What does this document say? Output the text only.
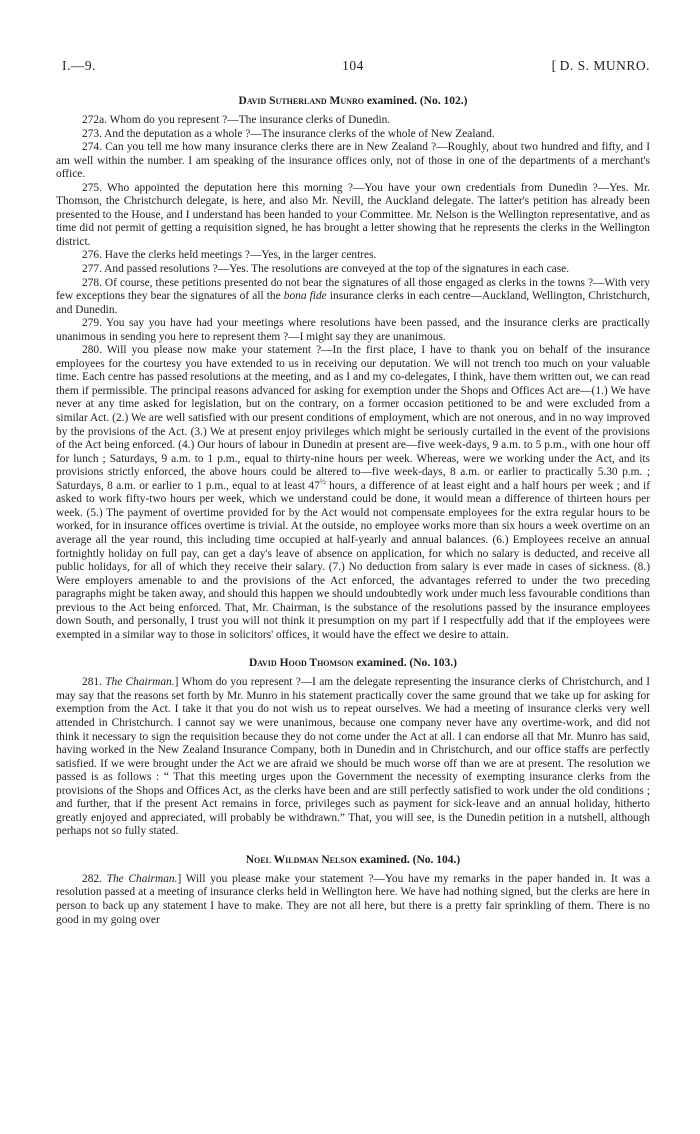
I.—9.	104	[ D. S. MUNRO.
David Sutherland Munro examined. (No. 102.)

272a. Whom do you represent ?—The insurance clerks of Dunedin.

273. And the deputation as a whole ?—The insurance clerks of the whole of New Zealand.

274. Can you tell me how many insurance clerks there are in New Zealand ?—Roughly, about two hundred and fifty, and I am well within the number. I am speaking of the insurance offices only, not of those in one of the departments of a merchant's office.

275. Who appointed the deputation here this morning ?—You have your own credentials from Dunedin ?—Yes. Mr. Thomson, the Christchurch delegate, is here, and also Mr. Nevill, the Auckland delegate. The latter's petition has already been presented to the House, and I understand has been handed to your Committee. Mr. Nelson is the Wellington representative, and as time did not permit of getting a requisition signed, he has brought a letter showing that he represents the clerks in the Wellington district.

276. Have the clerks held meetings ?—Yes, in the larger centres.

277. And passed resolutions ?—Yes. The resolutions are conveyed at the top of the signatures in each case.

278. Of course, these petitions presented do not bear the signatures of all those engaged as clerks in the towns ?—With very few exceptions they bear the signatures of all the bona fide insurance clerks in each centre—Auckland, Wellington, Christchurch, and Dunedin.

279. You say you have had your meetings where resolutions have been passed, and the insurance clerks are practically unanimous in sending you here to represent them ?—I might say they are unanimous.

280. Will you please now make your statement ?—In the first place, I have to thank you on behalf of the insurance employees for the courtesy you have extended to us in receiving our deputation. We will not trench too much on your valuable time. Each centre has passed resolutions at the meeting, and as I and my co-delegates, I think, have them written out, we can read them if permissible. The principal reasons advanced for asking for exemption under the Shops and Offices Act are—(1.) We have never at any time asked for legislation, but on the contrary, on a former occasion petitioned to be and were excluded from a similar Act. (2.) We are well satisfied with our present conditions of employment, which are not onerous, and in no way improved by the provisions of the Act. (3.) We at present enjoy privileges which might be seriously curtailed in the event of the provisions of the Act being enforced. (4.) Our hours of labour in Dunedin at present are—five week-days, 9 a.m. to 5 p.m., with one hour off for lunch ; Saturdays, 9 a.m. to 1 p.m., equal to thirty-nine hours per week. Whereas, were we working under the Act, and its provisions strictly enforced, the above hours could be altered to—five week-days, 8 a.m. or earlier to practically 5.30 p.m. ; Saturdays, 8 a.m. or earlier to 1 p.m., equal to at least $47^{\frac{1}{2}}$ hours, a difference of at least eight and a half hours per week ; and if asked to work fifty-two hours per week, which we understand could be done, it would mean a difference of thirteen hours per week. (5.) The payment of overtime provided for by the Act would not compensate employees for the extra regular hours to be worked, for in insurance offices overtime is trivial. At the outside, no employee works more than six hours a week overtime on an average all the year round, this including time occupied at half-yearly and annual balances. (6.) Employees receive an annual fortnightly holiday on full pay, can get a day's leave of absence on application, for which no salary is deducted, and receive all public holidays, for all of which they receive their salary. (7.) No deduction from salary is ever made in cases of sickness. (8.) Were employers amenable to and the provisions of the Act enforced, the advantages referred to under the two preceding paragraphs might be taken away, and should this happen we should undoubtedly work under much less favourable conditions than previous to the Act being enforced. That, Mr. Chairman, is the substance of the resolutions passed by the insurance employees down South, and personally, I trust you will not think it presumption on my part if I respectfully add that if the employees were exempted in a similar way to those in solicitors' offices, it would have the effect we desire to attain.

David Hood Thomson examined. (No. 103.)

281. The Chairman.] Whom do you represent ?—I am the delegate representing the insurance clerks of Christchurch, and I may say that the reasons set forth by Mr. Munro in his statement practically cover the same ground that we take up for asking for exemption from the Act. I take it that you do not wish us to repeat ourselves. We had a meeting of insurance clerks very well attended in Christchurch. I cannot say we were unanimous, because one company never have any overtime-work, and did not think it necessary to sign the requisition because they do not come under the Act at all. I can endorse all that Mr. Munro has said, having worked in the New Zealand Insurance Company, both in Dunedin and in Christchurch, and our office staffs are perfectly satisfied. If we were brought under the Act we are afraid we should be much worse off than we are at present. The resolution we passed is as follows : “ That this meeting urges upon the Government the necessity of exempting insurance clerks from the provisions of the Shops and Offices Act, as the clerks have been and are still perfectly satisfied to work under the old conditions ; and further, that if the present Act remains in force, privileges such as payment for sick-leave and an annual holiday, hitherto greatly enjoyed and appreciated, will probably be withdrawn.” That, you will see, is the Dunedin petition in a nutshell, although perhaps not so fully stated.

Noel Wildman Nelson examined. (No. 104.)

282. The Chairman.] Will you please make your statement ?—You have my remarks in the paper handed in. It was a resolution passed at a meeting of insurance clerks held in Wellington here. We have had nothing signed, but the clerks are here in person to back up any statement I have to make. They are not all here, but there is a pretty fair sprinkling of them. There is no good in my going over
